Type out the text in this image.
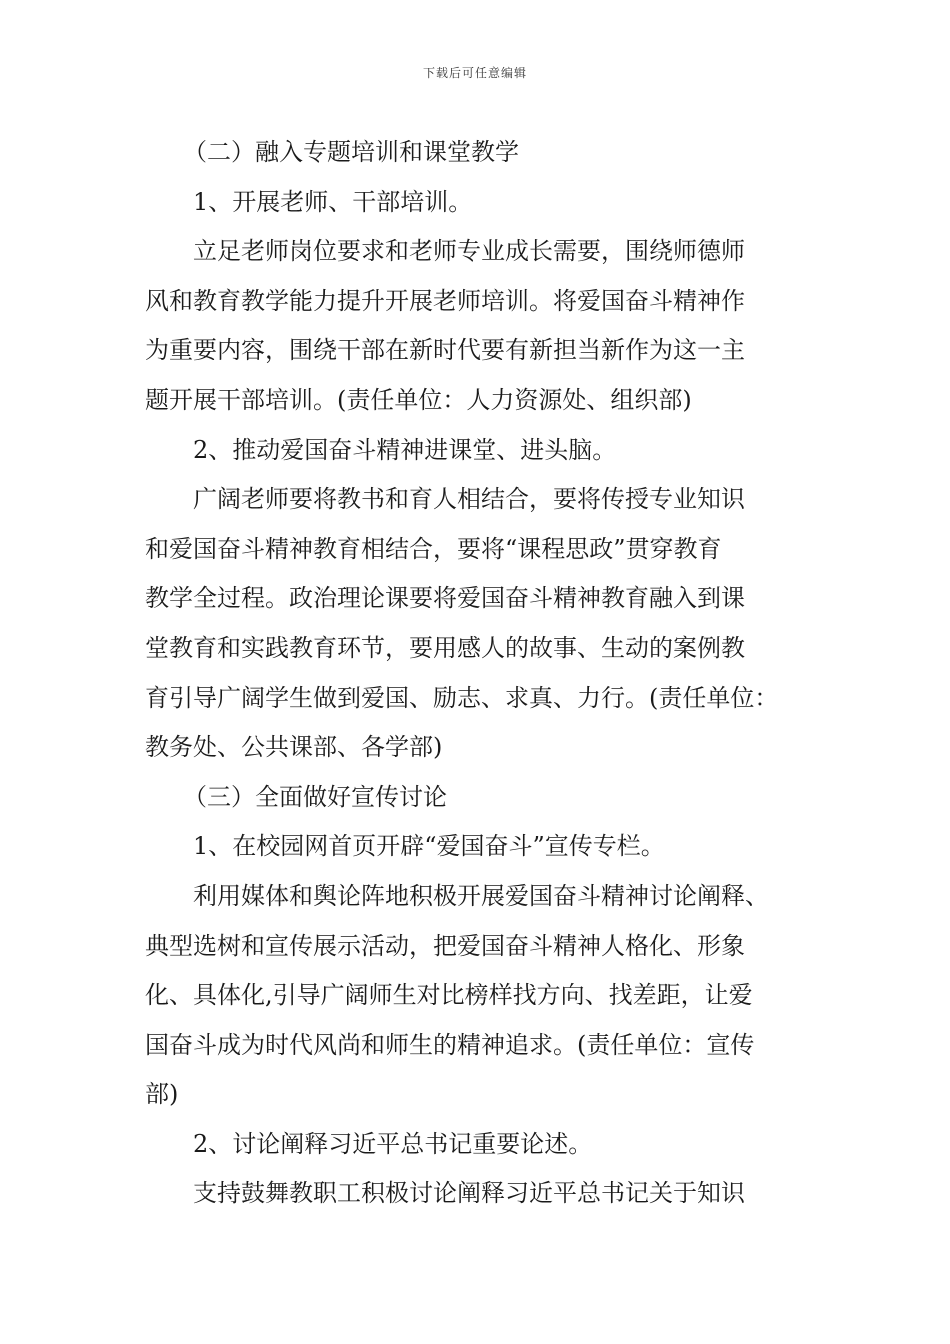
下载后可任意编辑

（二）融入专题培训和课堂教学

1、开展老师、干部培训。

立足老师岗位要求和老师专业成长需要，围绕师德师

风和教育教学能力提升开展老师培训。将爱国奋斗精神作

为重要内容，围绕干部在新时代要有新担当新作为这一主

题开展干部培训。(责任单位：人力资源处、组织部)

2、推动爱国奋斗精神进课堂、进头脑。

广阔老师要将教书和育人相结合，要将传授专业知识

和爱国奋斗精神教育相结合，要将“课程思政”贯穿教育

教学全过程。政治理论课要将爱国奋斗精神教育融入到课

堂教育和实践教育环节，要用感人的故事、生动的案例教

育引导广阔学生做到爱国、励志、求真、力行。(责任单位：

教务处、公共课部、各学部)

（三）全面做好宣传讨论

1、在校园网首页开辟“爱国奋斗”宣传专栏。

利用媒体和舆论阵地积极开展爱国奋斗精神讨论阐释、

典型选树和宣传展示活动，把爱国奋斗精神人格化、形象

化、具体化,引导广阔师生对比榜样找方向、找差距，让爱

国奋斗成为时代风尚和师生的精神追求。(责任单位：宣传

部)

2、讨论阐释习近平总书记重要论述。

支持鼓舞教职工积极讨论阐释习近平总书记关于知识
